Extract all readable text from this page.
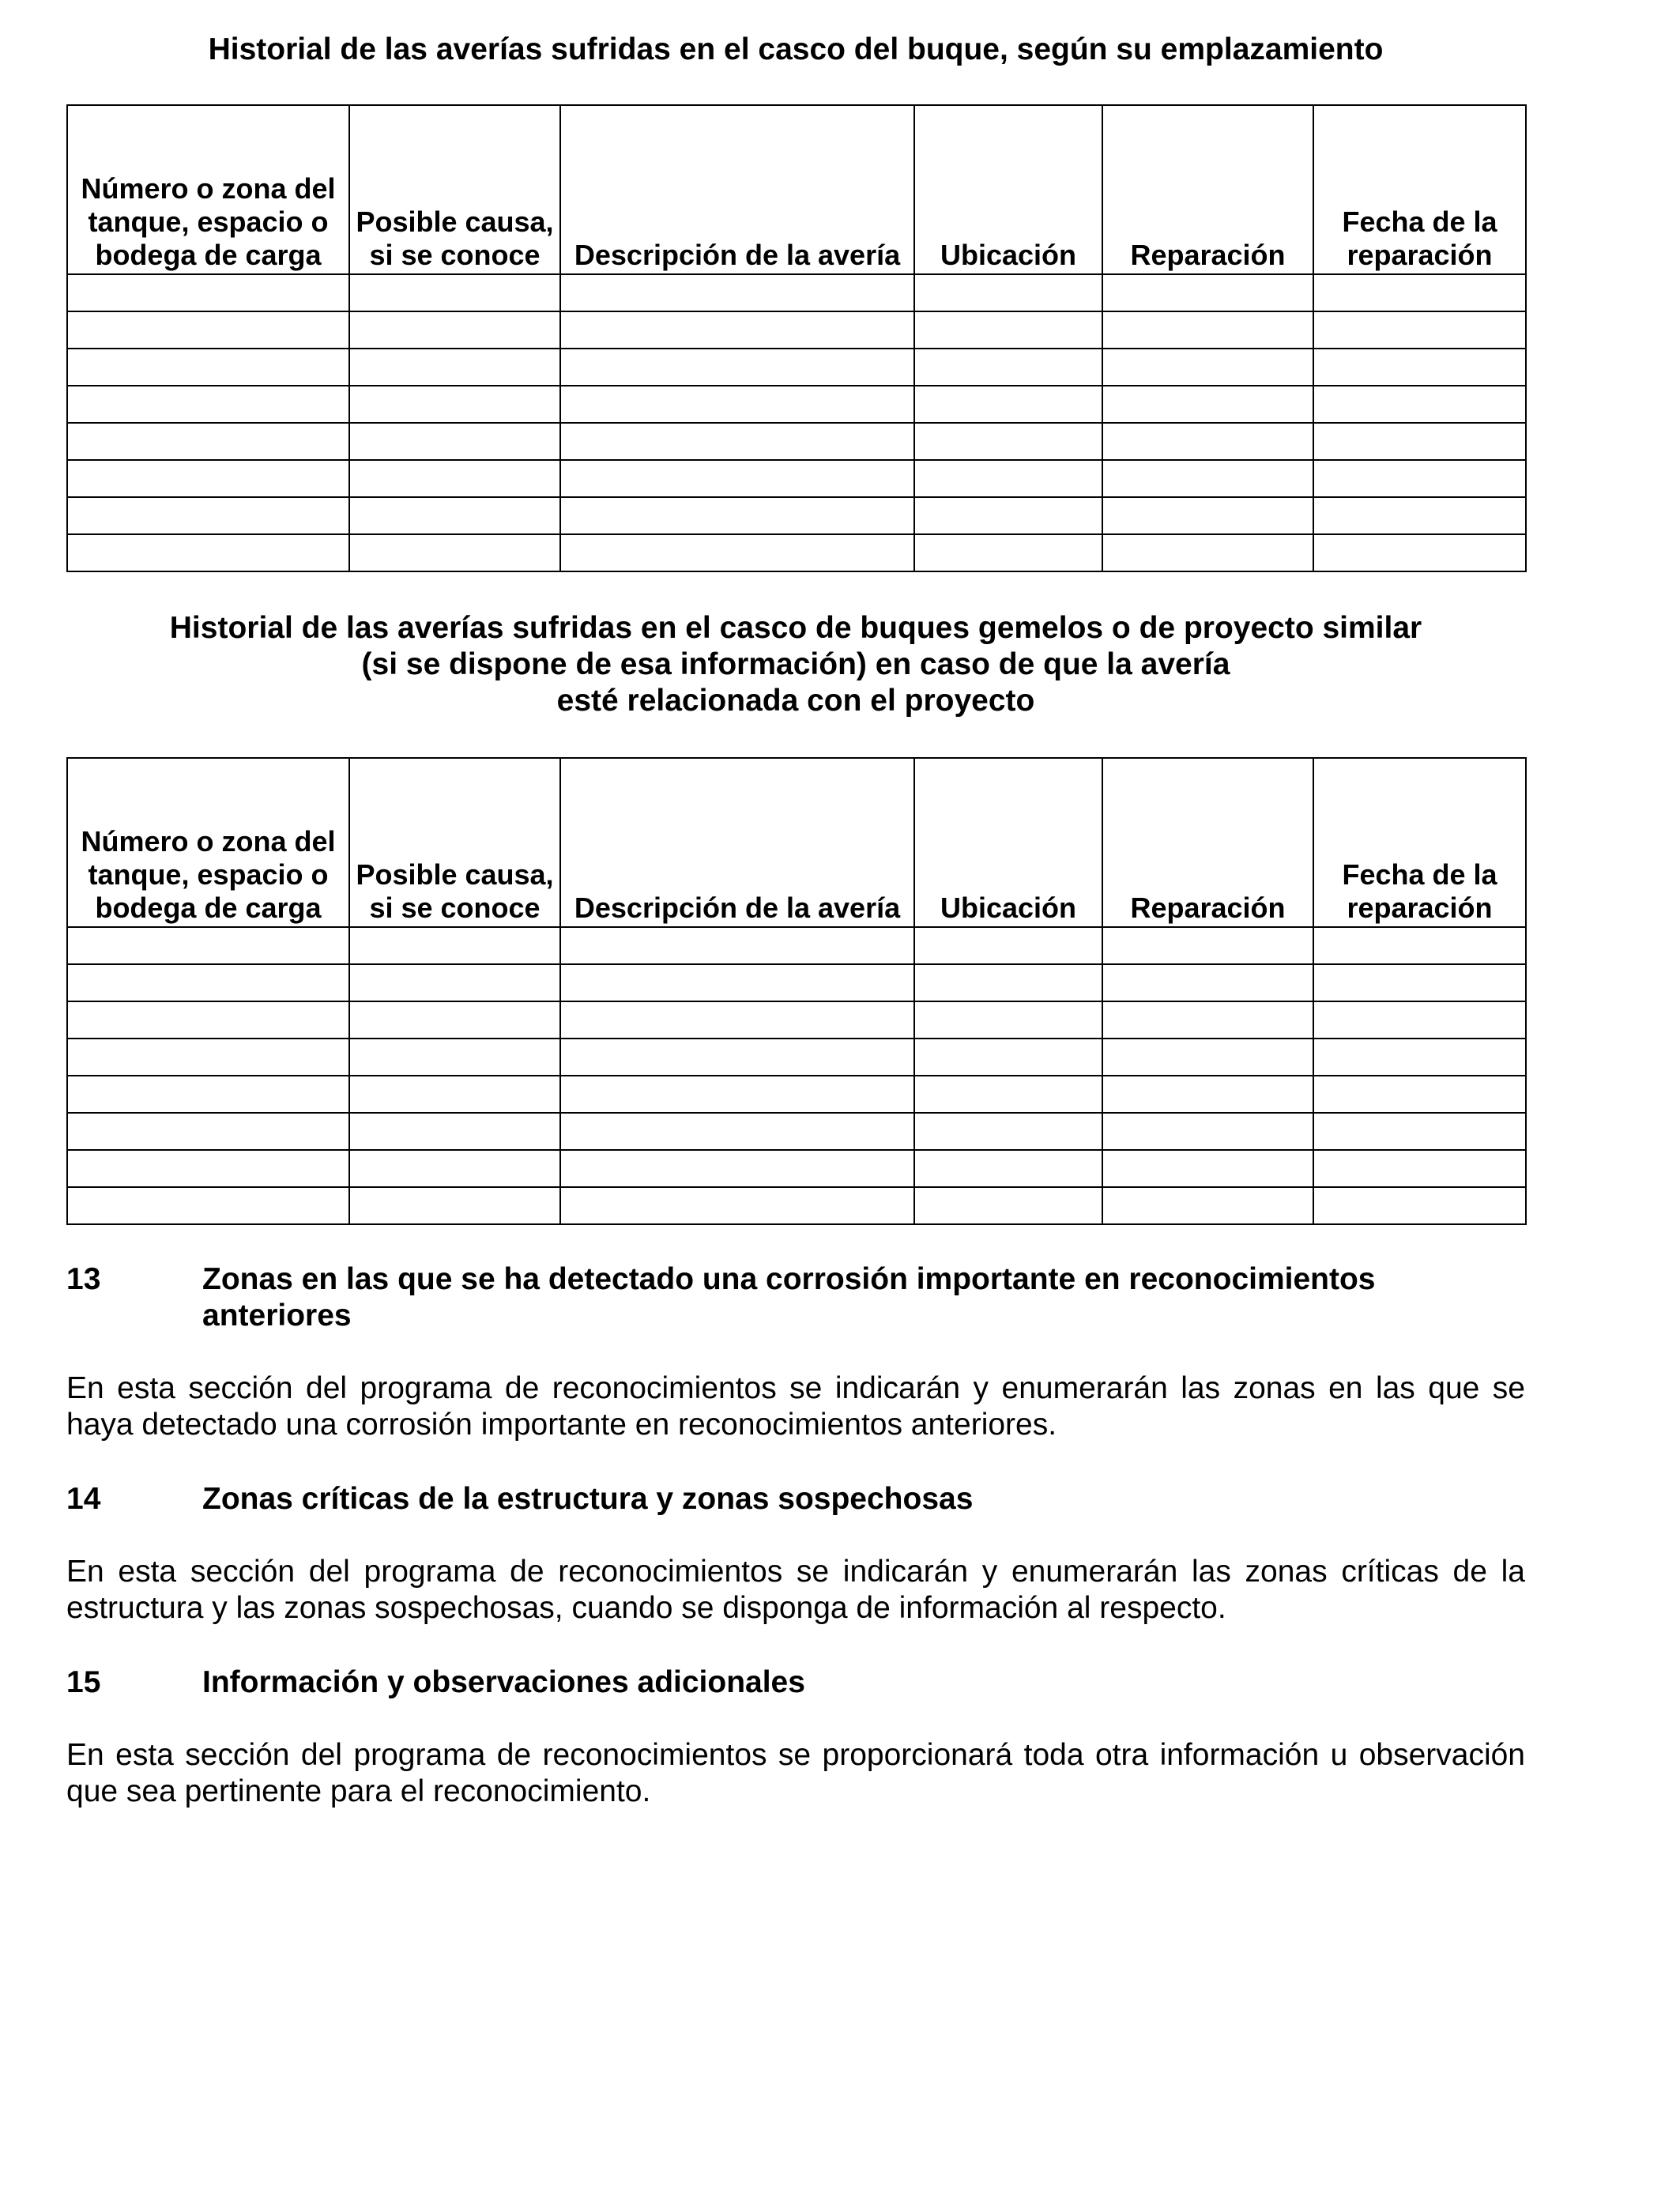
Historial de las averías sufridas en el casco del buque, según su emplazamiento
Número o zona del tanque, espacio o bodega de carga	Posible causa, si se conoce	Descripción de la avería	Ubicación	Reparación	Fecha de la reparación

Historial de las averías sufridas en el casco de buques gemelos o de proyecto similar
(si se dispone de esa información) en caso de que la avería
esté relacionada con el proyecto
Número o zona del tanque, espacio o bodega de carga	Posible causa, si se conoce	Descripción de la avería	Ubicación	Reparación	Fecha de la reparación

13	Zonas en las que se ha detectado una corrosión importante en reconocimientos anteriores

En esta sección del programa de reconocimientos se indicarán y enumerarán las zonas en las que se haya detectado una corrosión importante en reconocimientos anteriores.

14	Zonas críticas de la estructura y zonas sospechosas

En esta sección del programa de reconocimientos se indicarán y enumerarán las zonas críticas de la estructura y las zonas sospechosas, cuando se disponga de información al respecto.

15	Información y observaciones adicionales

En esta sección del programa de reconocimientos se proporcionará toda otra información u observación que sea pertinente para el reconocimiento.
